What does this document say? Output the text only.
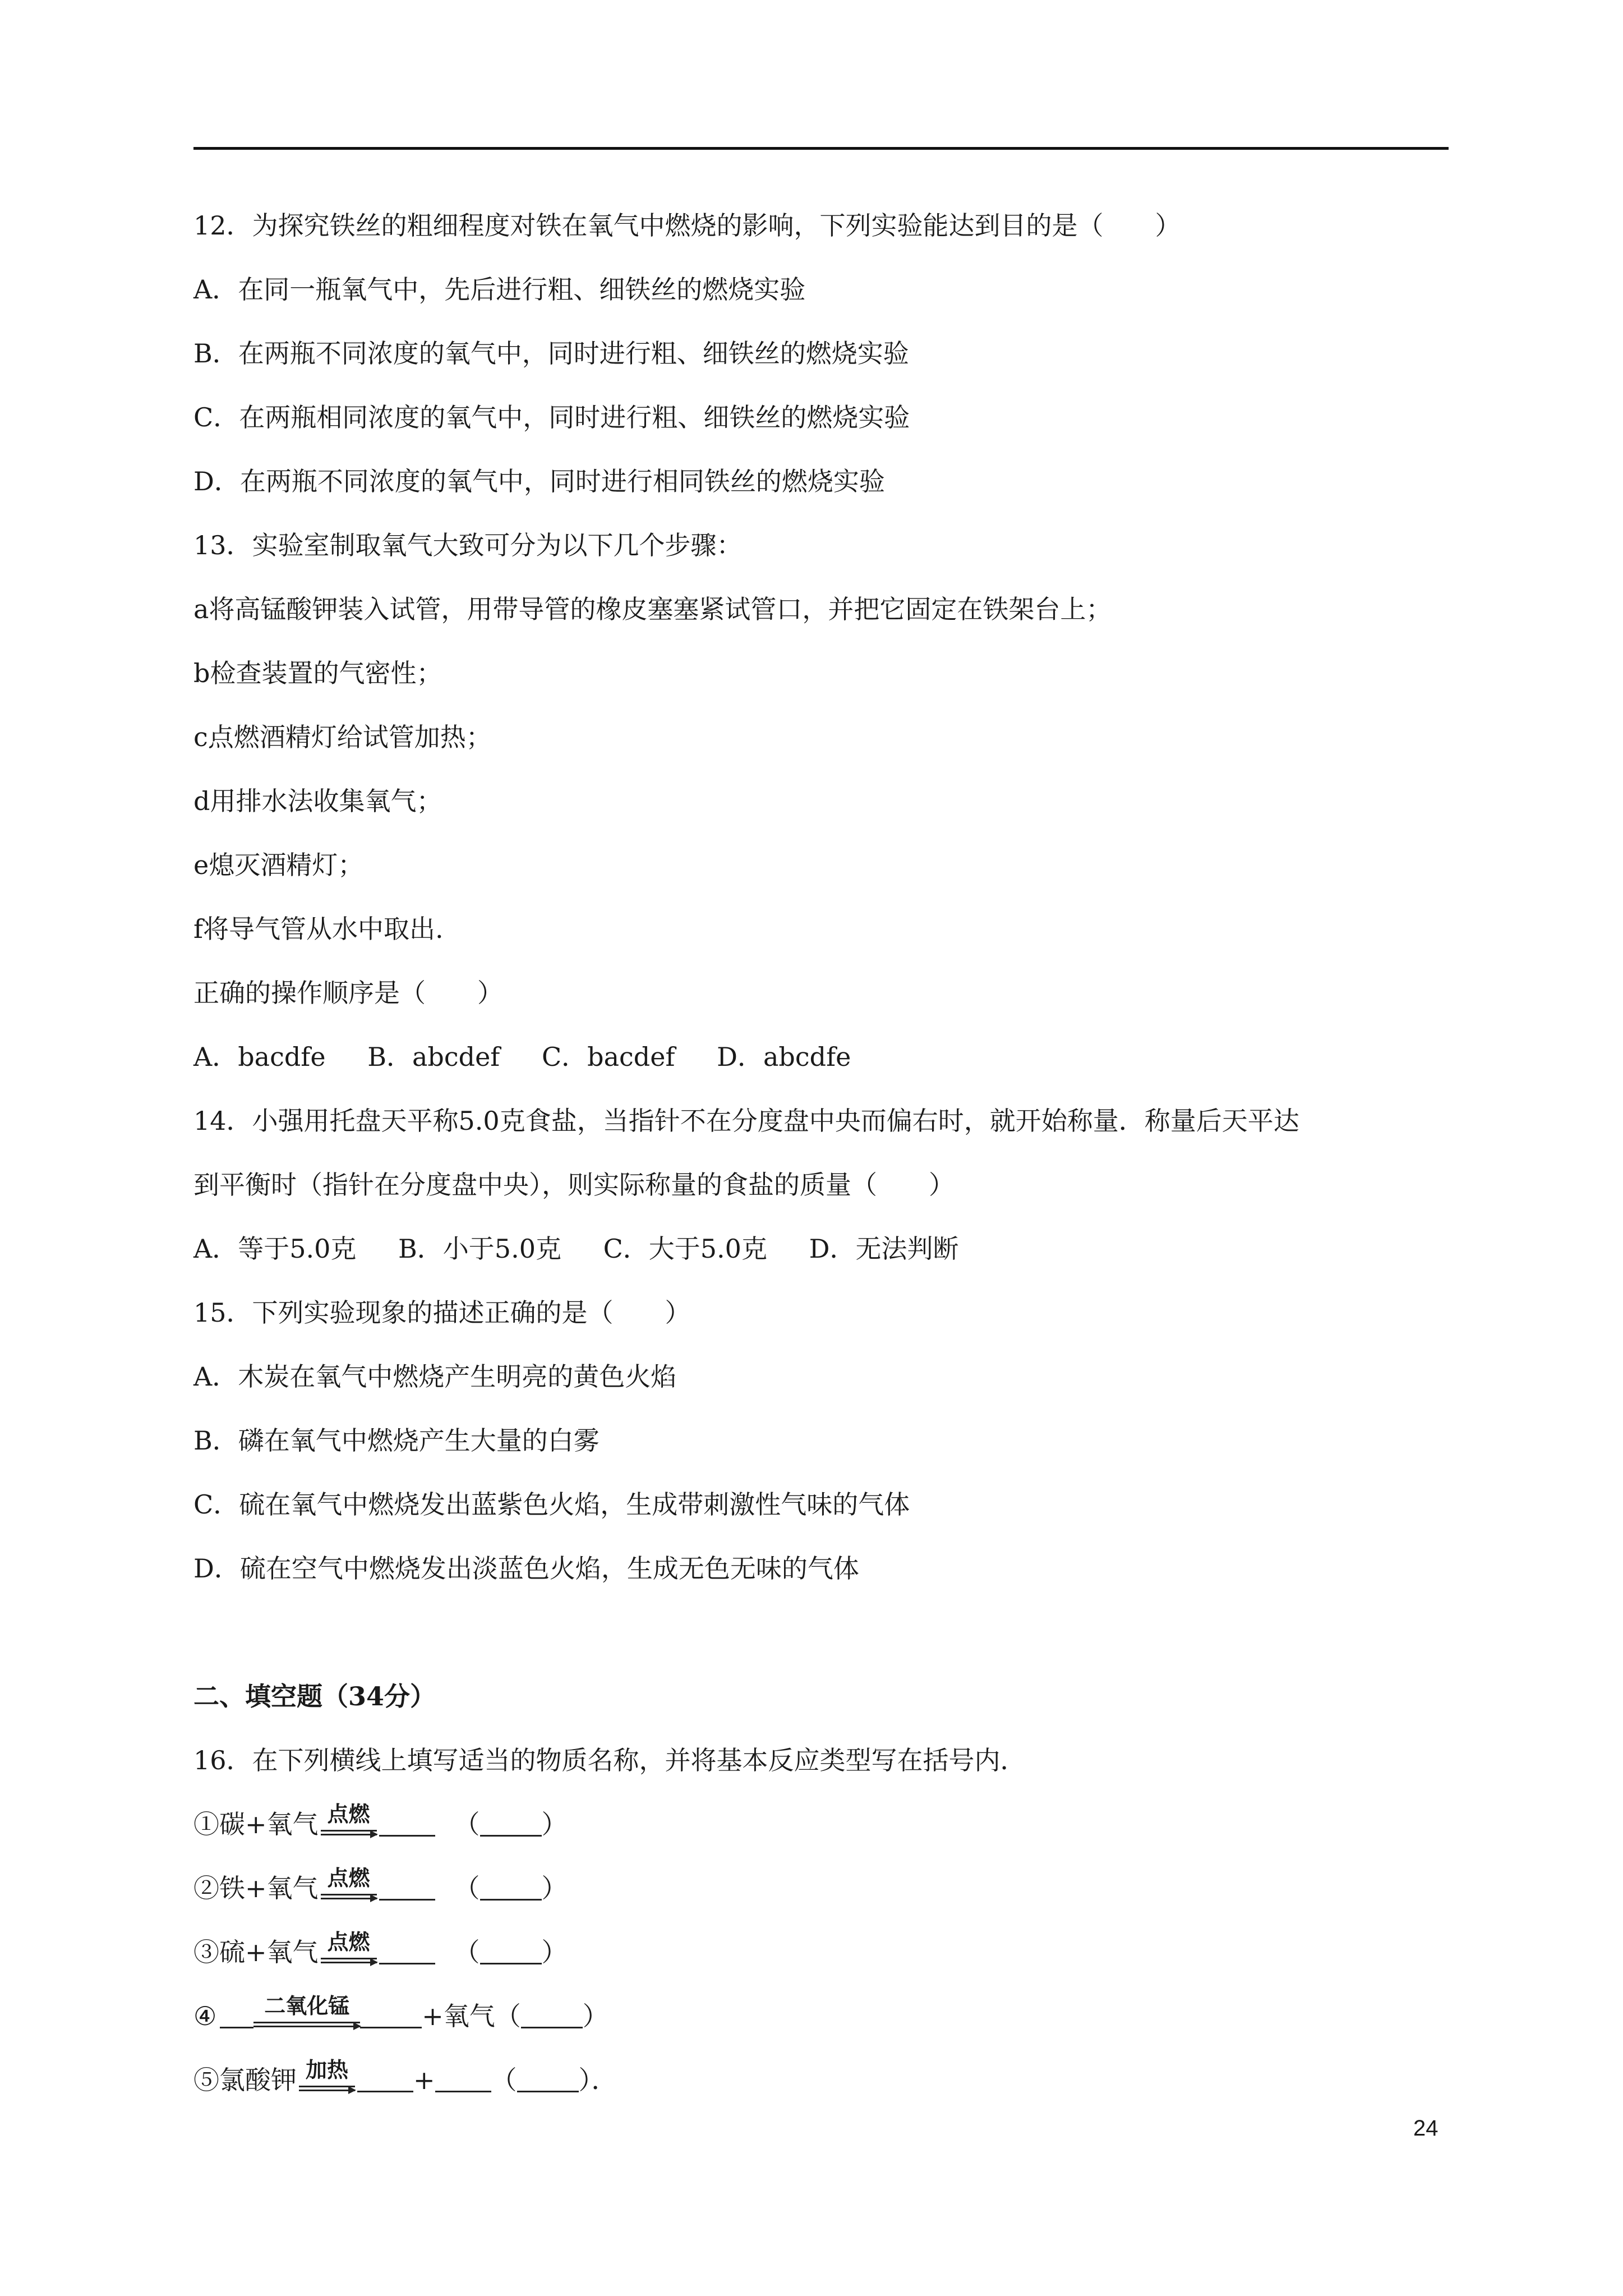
12．为探究铁丝的粗细程度对铁在氧气中燃烧的影响，下列实验能达到目的是（　　）
A．在同一瓶氧气中，先后进行粗、细铁丝的燃烧实验
B．在两瓶不同浓度的氧气中，同时进行粗、细铁丝的燃烧实验
C．在两瓶相同浓度的氧气中，同时进行粗、细铁丝的燃烧实验
D．在两瓶不同浓度的氧气中，同时进行相同铁丝的燃烧实验
13．实验室制取氧气大致可分为以下几个步骤：
a将高锰酸钾装入试管，用带导管的橡皮塞塞紧试管口，并把它固定在铁架台上；
b检查装置的气密性；
c点燃酒精灯给试管加热；
d用排水法收集氧气；
e熄灭酒精灯；
f将导气管从水中取出.
正确的操作顺序是（　　）
A．bacdfe B．abcdef C．bacdef D．abcdfe
14．小强用托盘天平称5.0克食盐，当指针不在分度盘中央而偏右时，就开始称量．称量后天平达
到平衡时（指针在分度盘中央），则实际称量的食盐的质量（　　）
A．等于5.0克 B．小于5.0克 C．大于5.0克 D．无法判断
15．下列实验现象的描述正确的是（　　）
A．木炭在氧气中燃烧产生明亮的黄色火焰
B．磷在氧气中燃烧产生大量的白雾
C．硫在氧气中燃烧发出蓝紫色火焰，生成带刺激性气味的气体
D．硫在空气中燃烧发出淡蓝色火焰，生成无色无味的气体
二、填空题（34分）
16．在下列横线上填写适当的物质名称，并将基本反应类型写在括号内．
①碳+氧气 点燃	（ ）
②铁+氧气 点燃	（ ）
③硫+氧气 点燃	（ ）
④	二氧化锰	+氧气（ ）
⑤氯酸钾 加热	+ （ ）．
24
